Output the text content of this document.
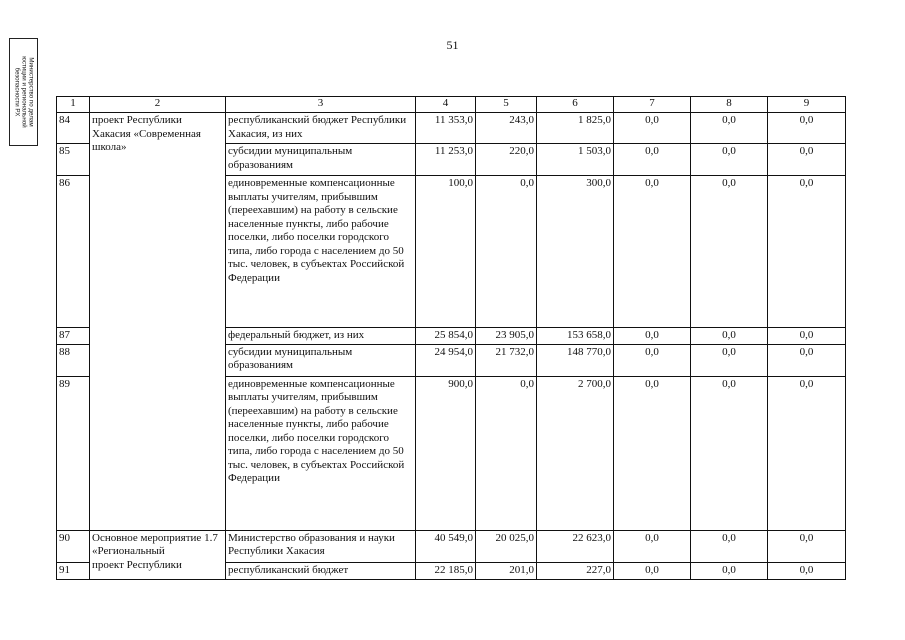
51
Министерство по делам
юстиции и региональной
безопасности РХ	1	2	3	4	5	6	7	8	9
84	проект Республики Хакасия «Современная школа»	республиканский бюджет Республики Хакасия, из них	11 353,0	243,0	1 825,0	0,0	0,0	0,0
85		субсидии муниципальным образованиям	11 253,0	220,0	1 503,0	0,0	0,0	0,0
86		единовременные компенсационные выплаты учителям, прибывшим (переехавшим) на работу в сельские населенные пункты, либо рабочие поселки, либо поселки городского типа, либо города с населением до 50 тыс. человек, в субъектах Российской Федерации	100,0	0,0	300,0	0,0	0,0	0,0
87		федеральный бюджет, из них	25 854,0	23 905,0	153 658,0	0,0	0,0	0,0
88		субсидии муниципальным образованиям	24 954,0	21 732,0	148 770,0	0,0	0,0	0,0
89		единовременные компенсационные выплаты учителям, прибывшим (переехавшим) на работу в сельские населенные пункты, либо рабочие поселки, либо поселки городского типа, либо города с населением до 50 тыс. человек, в субъектах Российской Федерации	900,0	0,0	2 700,0	0,0	0,0	0,0
90	Основное мероприятие 1.7 «Региональный
проект Республики	Министерство образования и науки Республики Хакасия	40 549,0	20 025,0	22 623,0	0,0	0,0	0,0
91		республиканский бюджет	22 185,0	201,0	227,0	0,0	0,0	0,0
